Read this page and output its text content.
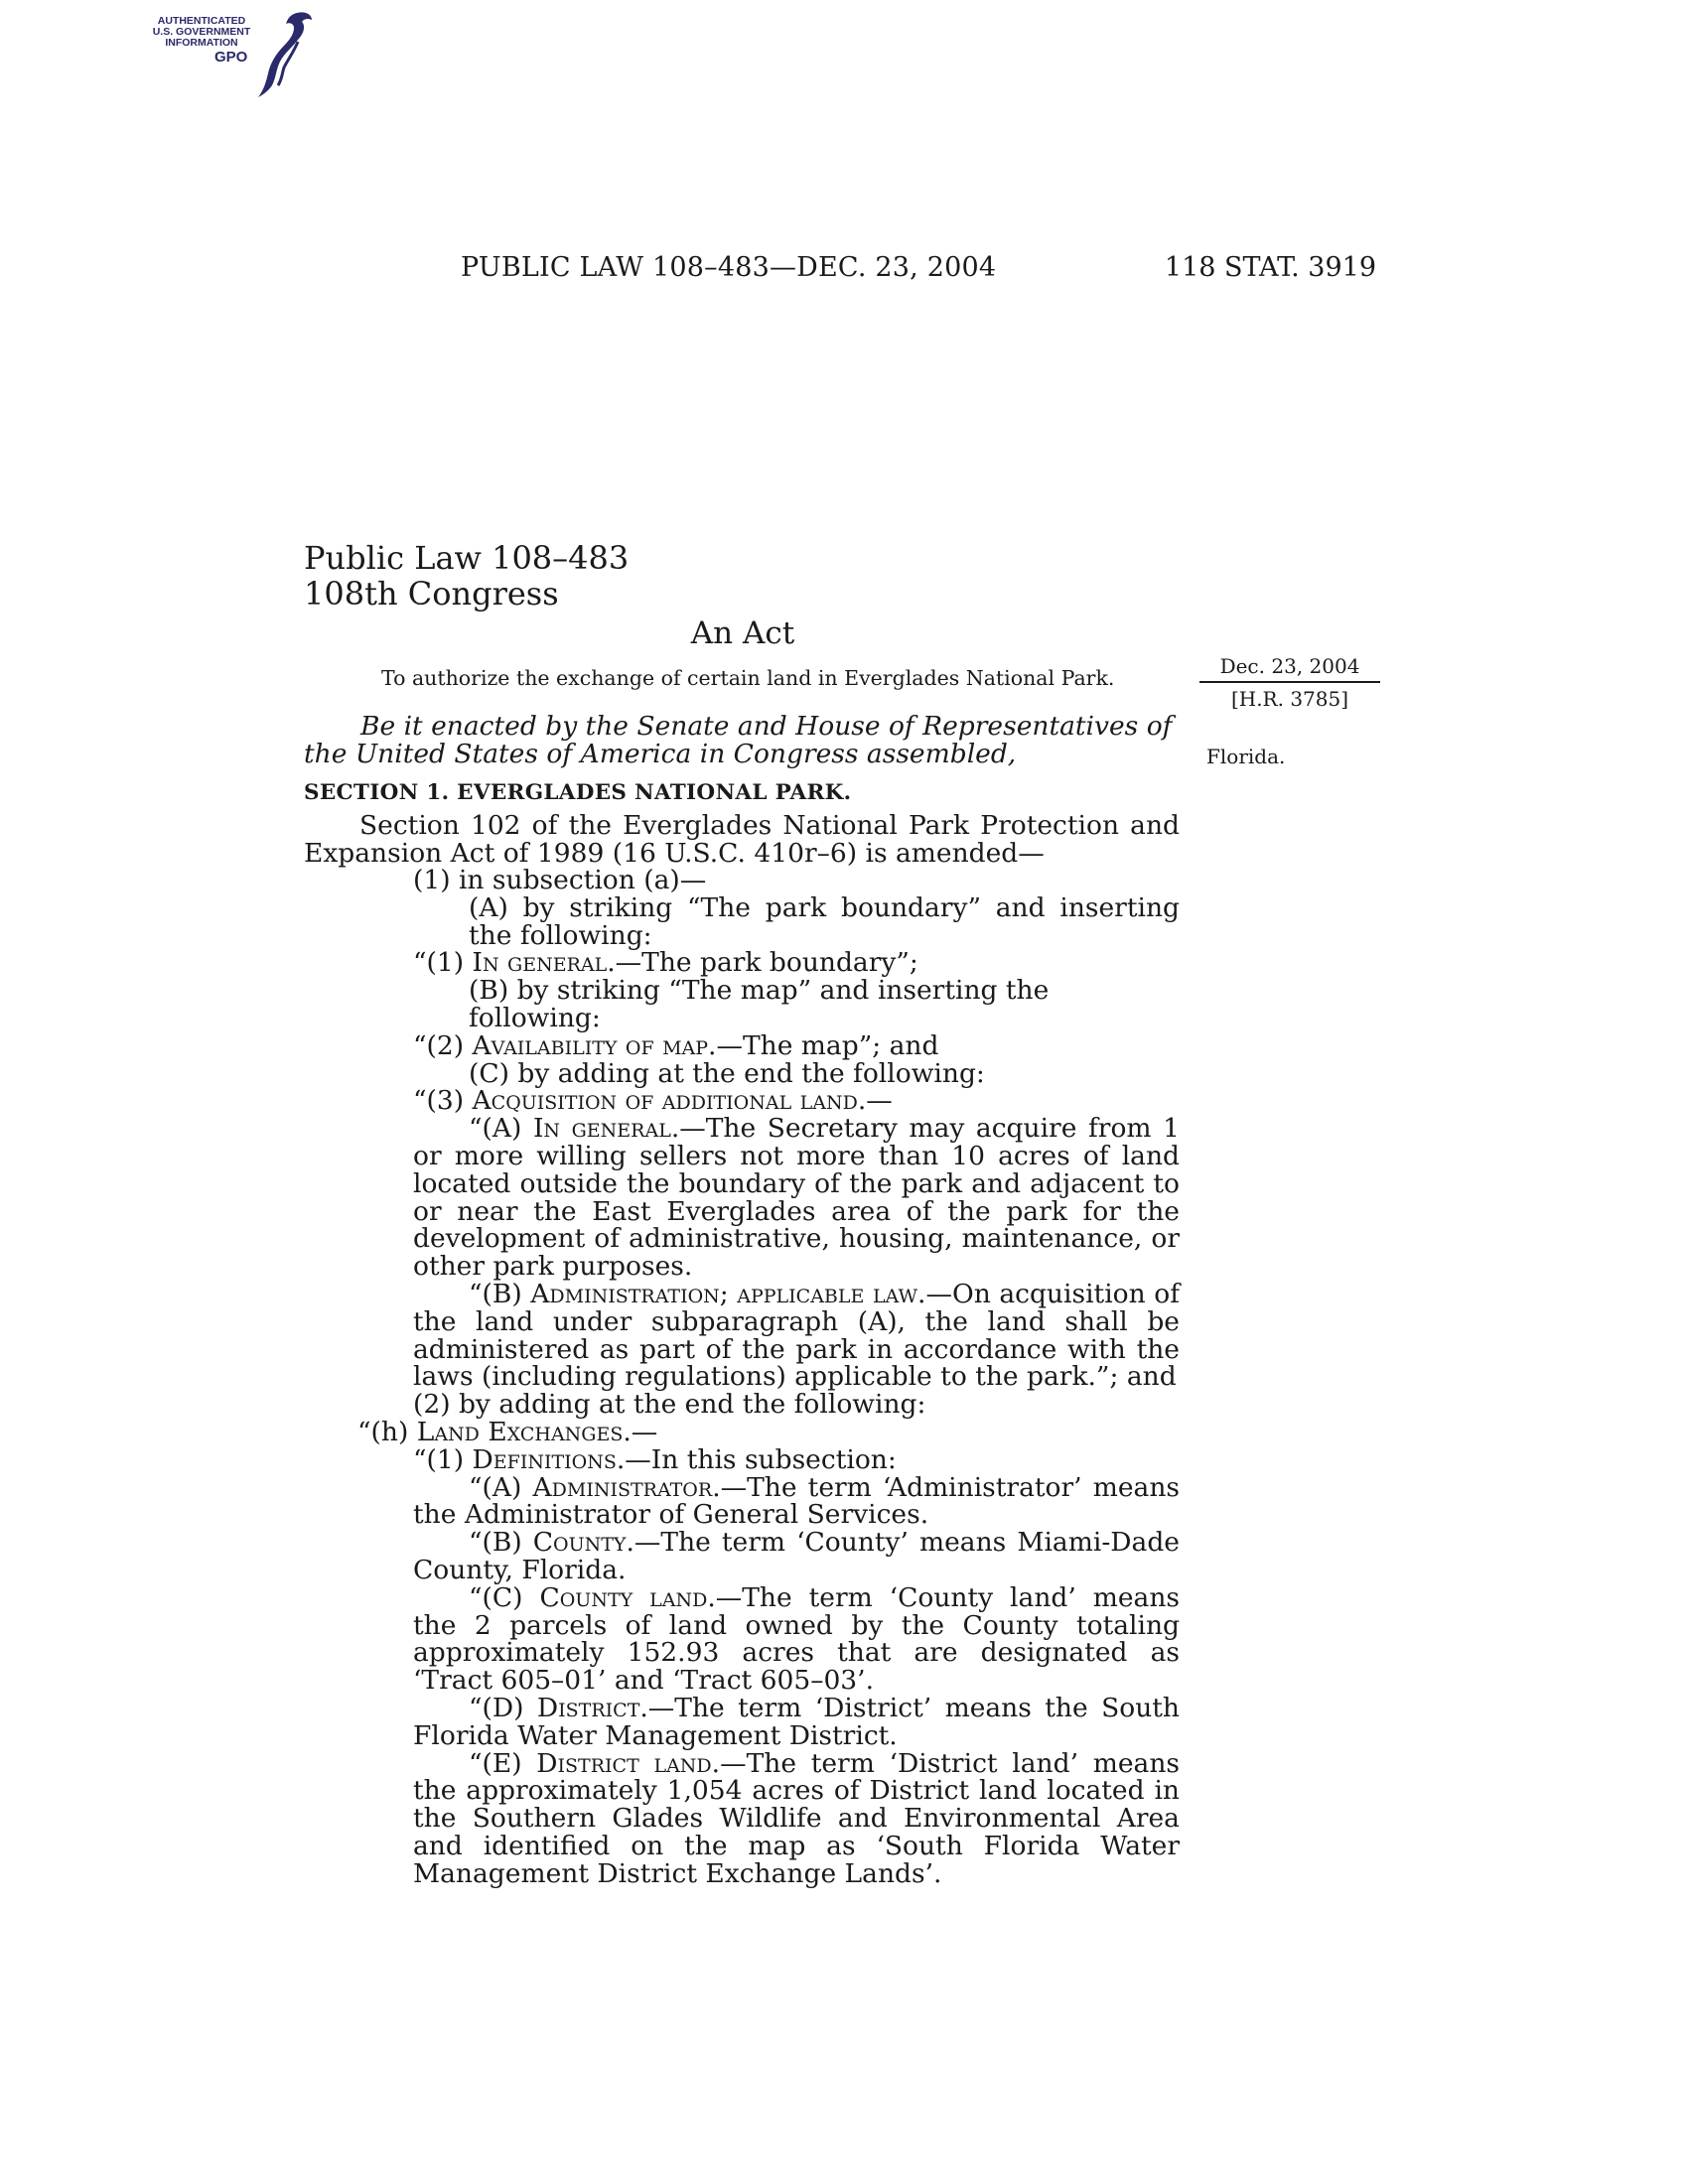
AUTHENTICATED
U.S. GOVERNMENT
INFORMATION
GPO
PUBLIC LAW 108–483—DEC. 23, 2004	118 STAT. 3919
Public Law 108–483
108th Congress
An Act
To authorize the exchange of certain land in Everglades National Park.	Dec. 23, 2004
[H.R. 3785]
Florida.
Be it enacted by the Senate and House of Representatives of
the United States of America in Congress assembled,
SECTION 1. EVERGLADES NATIONAL PARK.

Section 102 of the Everglades National Park Protection and Expansion Act of 1989 (16 U.S.C. 410r–6) is amended—

(1) in subsection (a)—

(A) by striking “The park boundary” and inserting the following:

“(1) In general.—The park boundary”;

(B) by striking “The map” and inserting the following:

“(2) Availability of map.—The map”; and

(C) by adding at the end the following:

“(3) Acquisition of additional land.—

“(A) In general.—The Secretary may acquire from 1 or more willing sellers not more than 10 acres of land located outside the boundary of the park and adjacent to or near the East Everglades area of the park for the development of administrative, housing, maintenance, or other park purposes.

“(B) Administration; applicable law.—On acquisition of the land under subparagraph (A), the land shall be administered as part of the park in accordance with the laws (including regulations) applicable to the park.”; and

(2) by adding at the end the following:

“(h) Land Exchanges.—

“(1) Definitions.—In this subsection:

“(A) Administrator.—The term ‘Administrator’ means the Administrator of General Services.

“(B) County.—The term ‘County’ means Miami-Dade County, Florida.

“(C) County land.—The term ‘County land’ means the 2 parcels of land owned by the County totaling approximately 152.93 acres that are designated as ‘Tract 605–01’ and ‘Tract 605–03’.

“(D) District.—The term ‘District’ means the South Florida Water Management District.

“(E) District land.—The term ‘District land’ means the approximately 1,054 acres of District land located in the Southern Glades Wildlife and Environmental Area and identified on the map as ‘South Florida Water Management District Exchange Lands’.
